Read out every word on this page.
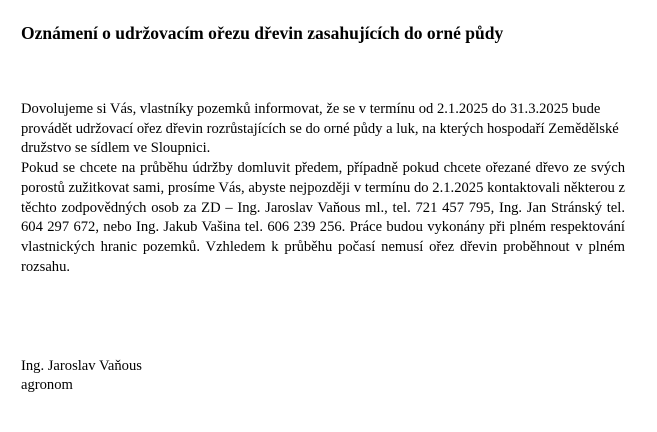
Oznámení o udržovacím ořezu dřevin zasahujících do orné půdy

Dovolujeme si Vás, vlastníky pozemků informovat, že se v termínu od 2.1.2025 do 31.3.2025 bude provádět udržovací ořez dřevin rozrůstajících se do orné půdy a luk, na kterých hospodaří Zemědělské družstvo se sídlem ve Sloupnici.

Pokud se chcete na průběhu údržby domluvit předem, případně pokud chcete ořezané dřevo ze svých porostů zužitkovat sami, prosíme Vás, abyste nejpozději v termínu do 2.1.2025 kontaktovali některou z těchto zodpovědných osob za ZD – Ing. Jaroslav Vaňous ml., tel. 721 457 795, Ing. Jan Stránský tel. 604 297 672, nebo Ing. Jakub Vašina tel. 606 239 256. Práce budou vykonány při plném respektování vlastnických hranic pozemků. Vzhledem k průběhu počasí nemusí ořez dřevin proběhnout v plném rozsahu.

Ing. Jaroslav Vaňous
agronom
